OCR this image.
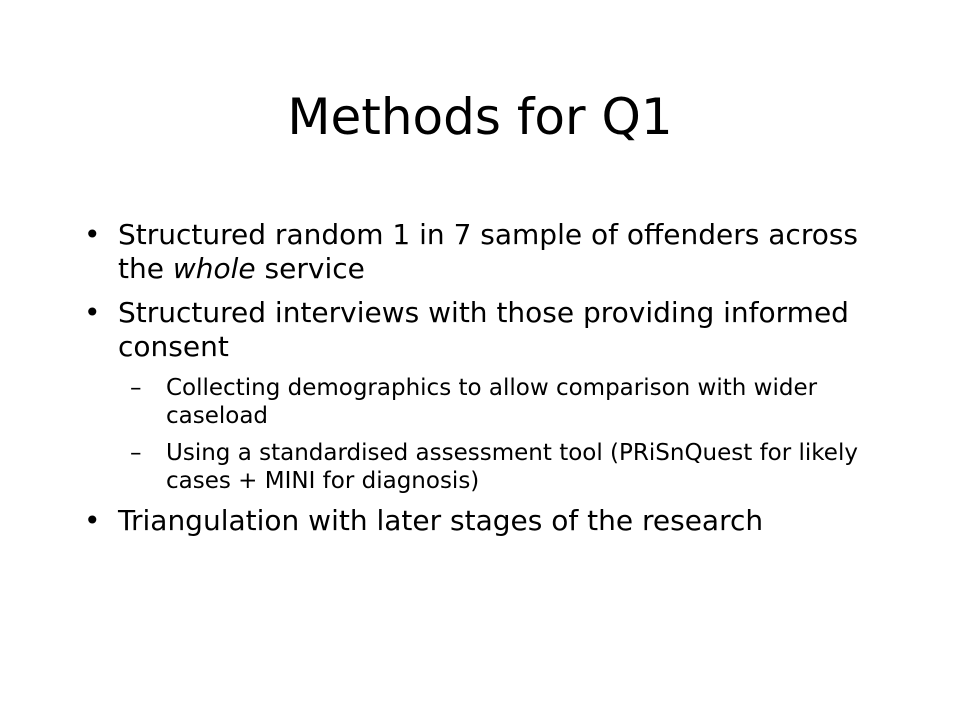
Methods for Q1
• Structured random 1 in 7 sample of offenders across the whole service
• Structured interviews with those providing informed consent
–	Collecting demographics to allow comparison with wider caseload
–	Using a standardised assessment tool (PRiSnQuest for likely cases + MINI for diagnosis)
• Triangulation with later stages of the research
